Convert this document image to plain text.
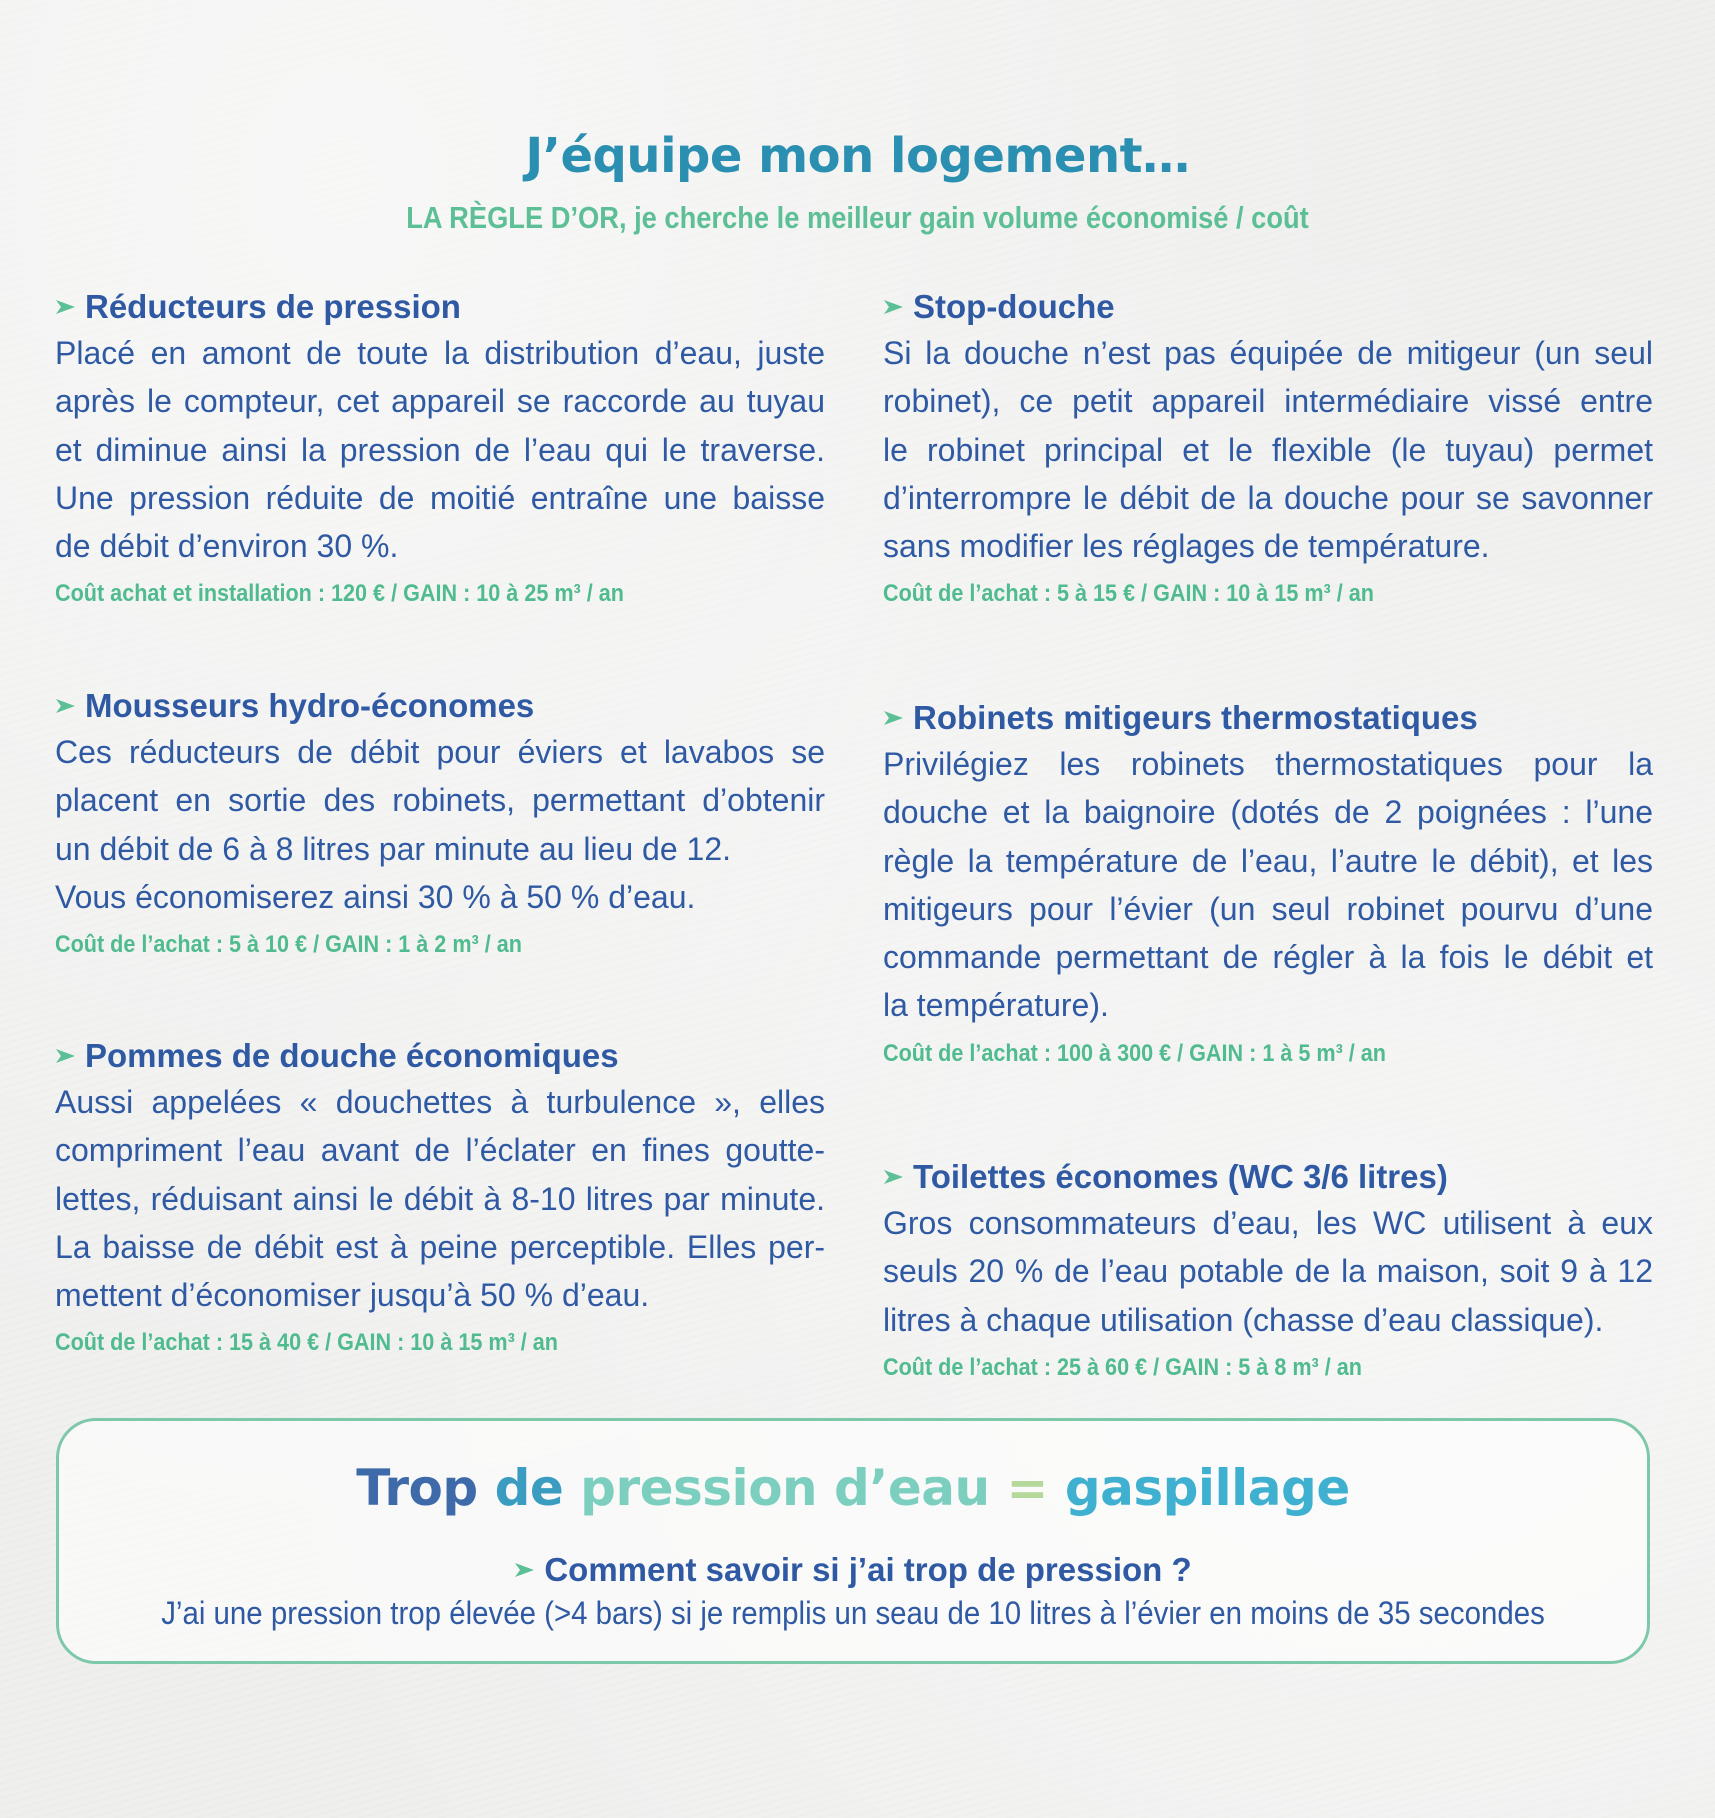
J’équipe mon logement…

LA RÈGLE D’OR, je cherche le meilleur gain volume économisé / coût

Réducteurs de pression
Placé en amont de toute la distribution d’eau, juste
après le compteur, cet appareil se raccorde au tuyau
et diminue ainsi la pression de l’eau qui le traverse.
Une pression réduite de moitié entraîne une baisse
de débit d’environ 30 %.
Coût achat et installation : 120 € / GAIN : 10 à 25 m³ / an
Mousseurs hydro-économes
Ces réducteurs de débit pour éviers et lavabos se
placent en sortie des robinets, permettant d’obtenir
un débit de 6 à 8 litres par minute au lieu de 12.
Vous économiserez ainsi 30 % à 50 % d’eau.
Coût de l’achat : 5 à 10 € / GAIN : 1 à 2 m³ / an
Pommes de douche économiques
Aussi appelées « douchettes à turbulence », elles
compriment l’eau avant de l’éclater en fines goutte-
lettes, réduisant ainsi le débit à 8-10 litres par minute.
La baisse de débit est à peine perceptible. Elles per-
mettent d’économiser jusqu’à 50 % d’eau.
Coût de l’achat : 15 à 40 € / GAIN : 10 à 15 m³ / an
Stop-douche
Si la douche n’est pas équipée de mitigeur (un seul
robinet), ce petit appareil intermédiaire vissé entre
le robinet principal et le flexible (le tuyau) permet
d’interrompre le débit de la douche pour se savonner
sans modifier les réglages de température.
Coût de l’achat : 5 à 15 € / GAIN : 10 à 15 m³ / an
Robinets mitigeurs thermostatiques
Privilégiez les robinets thermostatiques pour la
douche et la baignoire (dotés de 2 poignées : l’une
règle la température de l’eau, l’autre le débit), et les
mitigeurs pour l’évier (un seul robinet pourvu d’une
commande permettant de régler à la fois le débit et
la température).
Coût de l’achat : 100 à 300 € / GAIN : 1 à 5 m³ / an
Toilettes économes (WC 3/6 litres)
Gros consommateurs d’eau, les WC utilisent à eux
seuls 20 % de l’eau potable de la maison, soit 9 à 12
litres à chaque utilisation (chasse d’eau classique).
Coût de l’achat : 25 à 60 € / GAIN : 5 à 8 m³ / an
Trop de pression d’eau = gaspillage
Comment savoir si j’ai trop de pression ?
J’ai une pression trop élevée (>4 bars) si je remplis un seau de 10 litres à l’évier en moins de 35 secondes
